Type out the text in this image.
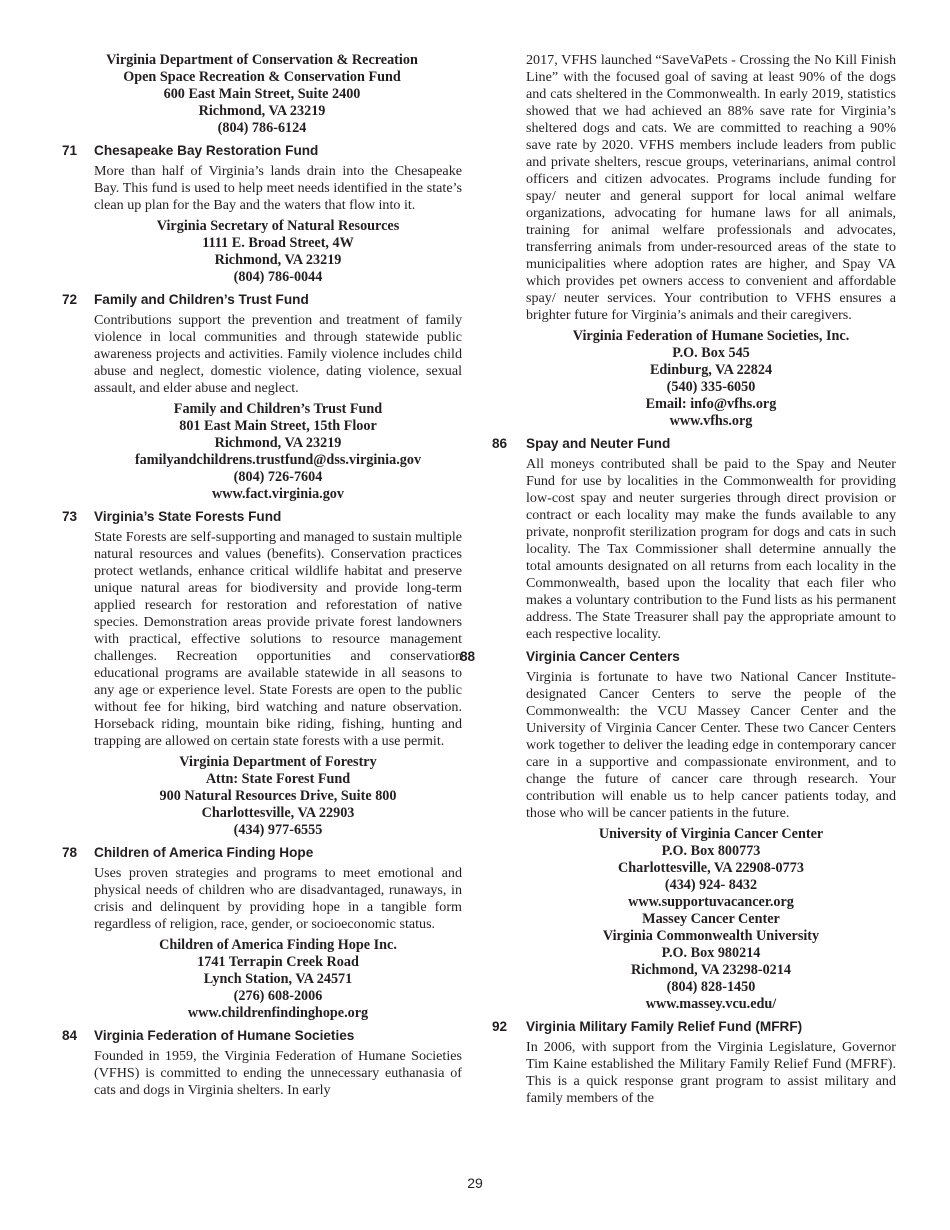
Virginia Department of Conservation & Recreation
Open Space Recreation & Conservation Fund
600 East Main Street, Suite 2400
Richmond, VA 23219
(804) 786-6124
71	Chesapeake Bay Restoration Fund

More than half of Virginia’s lands drain into the Chesapeake Bay. This fund is used to help meet needs identified in the state’s clean up plan for the Bay and the waters that flow into it.

Virginia Secretary of Natural Resources
1111 E. Broad Street, 4W
Richmond, VA 23219
(804) 786-0044
72	Family and Children’s Trust Fund

Contributions support the prevention and treatment of family violence in local communities and through statewide public awareness projects and activities. Family violence includes child abuse and neglect, domestic violence, dating violence, sexual assault, and elder abuse and neglect.

Family and Children’s Trust Fund
801 East Main Street, 15th Floor
Richmond, VA 23219
familyandchildrens.trustfund@dss.virginia.gov
(804) 726-7604
www.fact.virginia.gov
73	Virginia’s State Forests Fund

State Forests are self-supporting and managed to sustain multiple natural resources and values (benefits). Conservation practices protect wetlands, enhance critical wildlife habitat and preserve unique natural areas for biodiversity and provide long-term applied research for restoration and reforestation of native species. Demonstration areas provide private forest landowners with practical, effective solutions to resource management challenges. Recreation opportunities and conservation educational programs are available statewide in all seasons to any age or experience level. State Forests are open to the public without fee for hiking, bird watching and nature observation. Horseback riding, mountain bike riding, fishing, hunting and trapping are allowed on certain state forests with a use permit.

Virginia Department of Forestry
Attn: State Forest Fund
900 Natural Resources Drive, Suite 800
Charlottesville, VA 22903
(434) 977-6555
78	Children of America Finding Hope

Uses proven strategies and programs to meet emotional and physical needs of children who are disadvantaged, runaways, in crisis and delinquent by providing hope in a tangible form regardless of religion, race, gender, or socioeconomic status.

Children of America Finding Hope Inc.
1741 Terrapin Creek Road
Lynch Station, VA 24571
(276) 608-2006
www.childrenfindinghope.org
84	Virginia Federation of Humane Societies

Founded in 1959, the Virginia Federation of Humane Societies (VFHS) is committed to ending the unnecessary euthanasia of cats and dogs in Virginia shelters. In early

2017, VFHS launched “SaveVaPets - Crossing the No Kill Finish Line” with the focused goal of saving at least 90% of the dogs and cats sheltered in the Commonwealth. In early 2019, statistics showed that we had achieved an 88% save rate for Virginia’s sheltered dogs and cats. We are committed to reaching a 90% save rate by 2020. VFHS members include leaders from public and private shelters, rescue groups, veterinarians, animal control officers and citizen advocates. Programs include funding for spay/ neuter and general support for local animal welfare organizations, advocating for humane laws for all animals, training for animal welfare professionals and advocates, transferring animals from under-resourced areas of the state to municipalities where adoption rates are higher, and Spay VA which provides pet owners access to convenient and affordable spay/ neuter services. Your contribution to VFHS ensures a brighter future for Virginia’s animals and their caregivers.

Virginia Federation of Humane Societies, Inc.
P.O. Box 545
Edinburg, VA 22824
(540) 335-6050
Email: info@vfhs.org
www.vfhs.org
86	Spay and Neuter Fund

All moneys contributed shall be paid to the Spay and Neuter Fund for use by localities in the Commonwealth for providing low-cost spay and neuter surgeries through direct provision or contract or each locality may make the funds available to any private, nonprofit sterilization program for dogs and cats in such locality. The Tax Commissioner shall determine annually the total amounts designated on all returns from each locality in the Commonwealth, based upon the locality that each filer who makes a voluntary contribution to the Fund lists as his permanent address. The State Treasurer shall pay the appropriate amount to each respective locality.

88	Virginia Cancer Centers

Virginia is fortunate to have two National Cancer Institute-designated Cancer Centers to serve the people of the Commonwealth: the VCU Massey Cancer Center and the University of Virginia Cancer Center. These two Cancer Centers work together to deliver the leading edge in contemporary cancer care in a supportive and compassionate environment, and to change the future of cancer care through research. Your contribution will enable us to help cancer patients today, and those who will be cancer patients in the future.

University of Virginia Cancer Center
P.O. Box 800773
Charlottesville, VA 22908-0773
(434) 924- 8432
www.supportuvacancer.org
Massey Cancer Center
Virginia Commonwealth University
P.O. Box 980214
Richmond, VA 23298-0214
(804) 828-1450
www.massey.vcu.edu/
92	Virginia Military Family Relief Fund (MFRF)

In 2006, with support from the Virginia Legislature, Governor Tim Kaine established the Military Family Relief Fund (MFRF). This is a quick response grant program to assist military and family members of the

29
